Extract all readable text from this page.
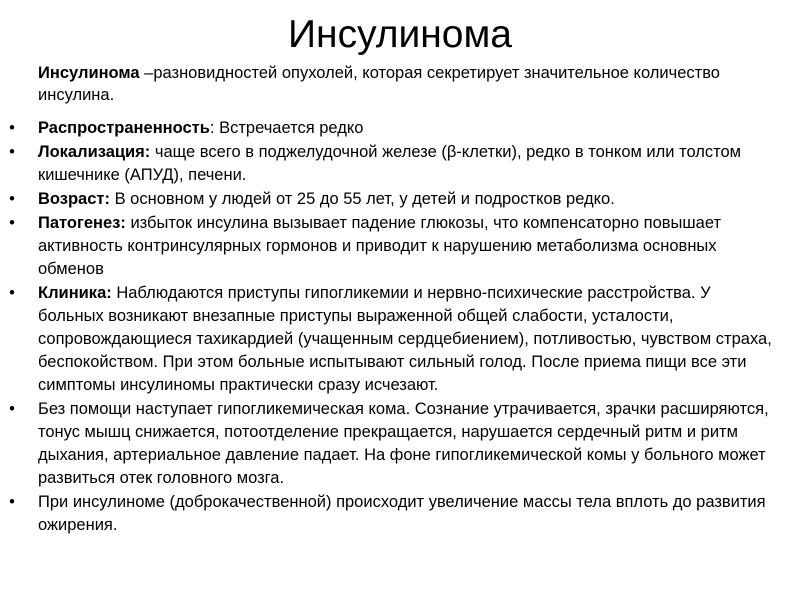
Инсулинома

Инсулинома –разновидностей опухолей, которая секретирует значительное количество инсулина.

• Распространенность: Встречается редко
• Локализация: чаще всего в поджелудочной железе (β-клетки), редко в тонком или толстом кишечнике (АПУД), печени.
• Возраст: В основном у людей от 25 до 55 лет, у детей и подростков редко.
• Патогенез: избыток инсулина вызывает падение глюкозы, что компенсаторно повышает активность контринсулярных гормонов и приводит к нарушению метаболизма основных обменов
• Клиника: Наблюдаются приступы гипогликемии и нервно-психические расстройства. У больных возникают внезапные приступы выраженной общей слабости, усталости, сопровождающиеся тахикардией (учащенным сердцебиением), потливостью, чувством страха, беспокойством. При этом больные испытывают сильный голод. После приема пищи все эти симптомы инсулиномы практически сразу исчезают.
• Без помощи наступает гипогликемическая кома. Сознание утрачивается, зрачки расширяются, тонус мышц снижается, потоотделение прекращается, нарушается сердечный ритм и ритм дыхания, артериальное давление падает. На фоне гипогликемической комы у больного может развиться отек головного мозга.
• При инсулиноме (доброкачественной) происходит увеличение массы тела вплоть до развития ожирения.
